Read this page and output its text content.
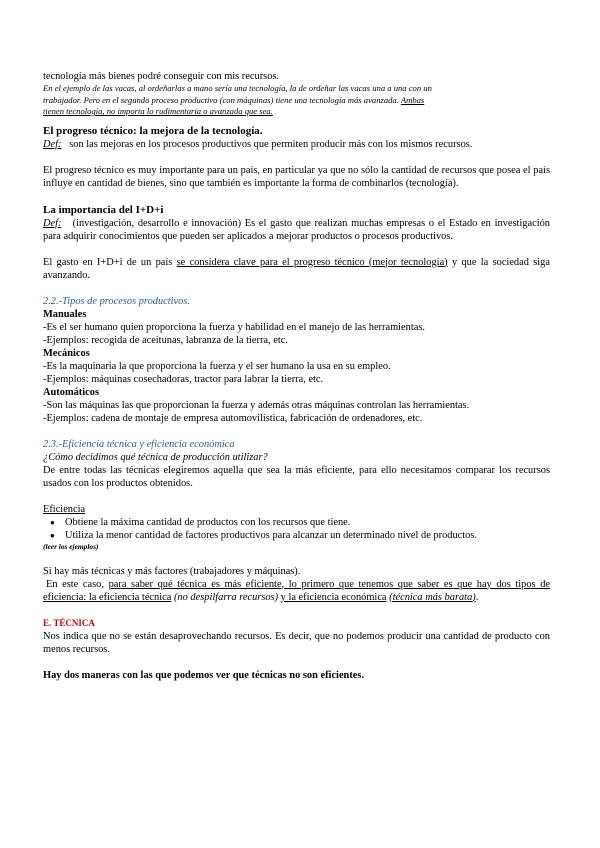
tecnología más bienes podré conseguir con mis recursos.
En el ejemplo de las vacas, al ordeñarlas a mano sería una tecnología, la de ordeñar las vacas una a una con un
trabajador. Pero en el segundo proceso productivo (con máquinas) tiene una tecnología más avanzada. Ambas
tienen tecnología, no importa lo rudimentaria o avanzada que sea.
El progreso técnico: la mejora de la tecnología.
Def: son las mejoras en los procesos productivos que permiten producir más con los mismos recursos.
El progreso técnico es muy importante para un país, en particular ya que no sólo la cantidad de recursos que posea el país influye en cantidad de bienes, sino que también es importante la forma de combinarlos (tecnología).
La importancia del I+D+i
Def: (investigación, desarrollo e innovación) Es el gasto que realizan muchas empresas o el Estado en investigación para adquirir conocimientos que pueden ser aplicados a mejorar productos o procesos productivos.
El gasto en I+D+i de un país se considera clave para el progreso técnico (mejor tecnología) y que la sociedad siga avanzando.
2.2.-Tipos de procesos productivos.
Manuales
-Es el ser humano quien proporciona la fuerza y habilidad en el manejo de las herramientas.
-Ejemplos: recogida de aceitunas, labranza de la tierra, etc.
Mecánicos
-Es la maquinaria la que proporciona la fuerza y el ser humano la usa en su empleo.
-Ejemplos: máquinas cosechadoras, tractor para labrar la tierra, etc.
Automáticos
-Son las máquinas las que proporcionan la fuerza y además otras máquinas controlan las herramientas.
-Ejemplos: cadena de montaje de empresa automovilística, fabricación de ordenadores, etc.
2.3.-Eficiencia técnica y eficiencia económica
¿Cómo decidimos qué técnica de producción utilizar?
De entre todas las técnicas elegiremos aquella que sea la más eficiente, para ello necesitamos comparar los recursos usados con los productos obtenidos.
Eficiencia
● Obtiene la máxima cantidad de productos con los recursos que tiene.
● Utiliza la menor cantidad de factores productivos para alcanzar un determinado nivel de productos.
(leer los ejemplos)
Si hay más técnicas y más factores (trabajadores y máquinas).
En este caso, para saber qué técnica es más eficiente, lo primero que tenemos que saber es que hay dos tipos de eficiencia: la eficiencia técnica (no despilfarra recursos) y la eficiencia económica (técnica más barata).
E. TÉCNICA
Nos indica que no se están desaprovechando recursos. Es decir, que no podemos producir una cantidad de producto con menos recursos.
Hay dos maneras con las que podemos ver que técnicas no son eficientes.
